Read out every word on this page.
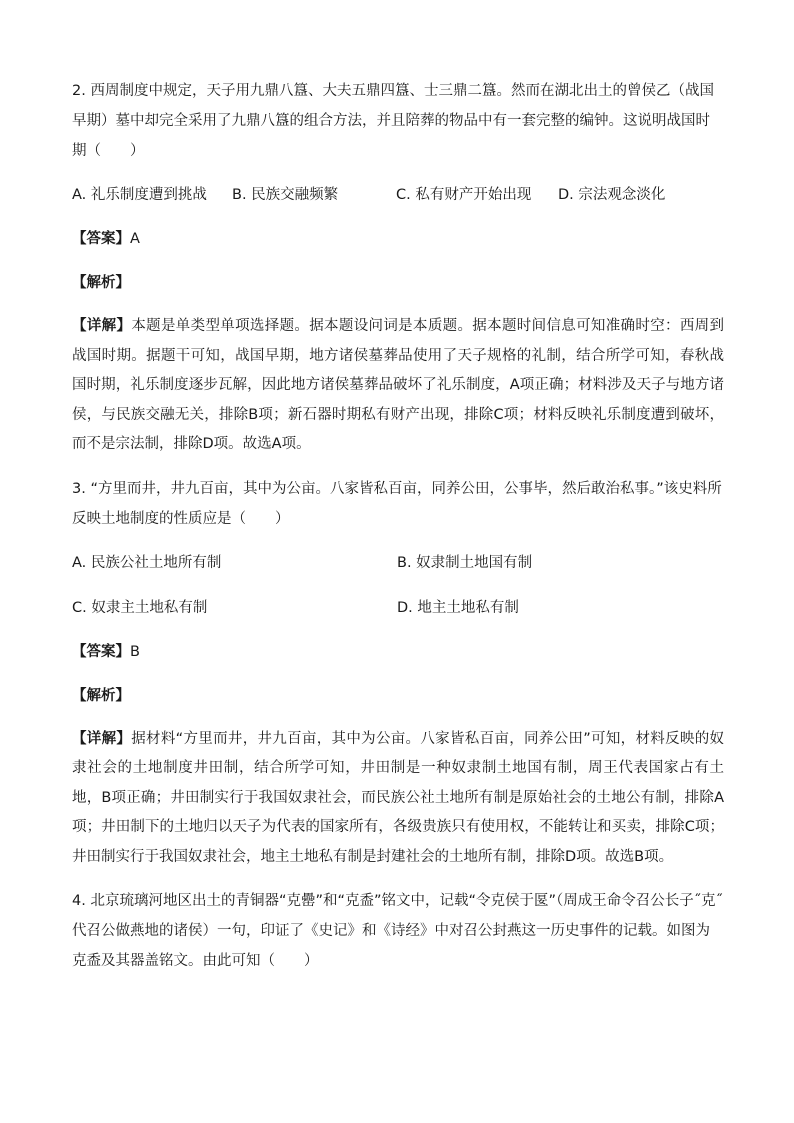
2. 西周制度中规定，天子用九鼎八簋、大夫五鼎四簋、士三鼎二簋。然而在湖北出土的曾侯乙（战国早期）墓中却完全采用了九鼎八簋的组合方法，并且陪葬的物品中有一套完整的编钟。这说明战国时期（　　）

A. 礼乐制度遭到挑战	B. 民族交融频繁	C. 私有财产开始出现	D. 宗法观念淡化
【答案】A
【解析】
【详解】本题是单类型单项选择题。据本题设问词是本质题。据本题时间信息可知准确时空：西周到战国时期。据题干可知，战国早期，地方诸侯墓葬品使用了天子规格的礼制，结合所学可知，春秋战国时期，礼乐制度逐步瓦解，因此地方诸侯墓葬品破坏了礼乐制度，A项正确；材料涉及天子与地方诸侯，与民族交融无关，排除B项；新石器时期私有财产出现，排除C项；材料反映礼乐制度遭到破坏，而不是宗法制，排除D项。故选A项。

3. “方里而井，井九百亩，其中为公亩。八家皆私百亩，同养公田，公事毕，然后敢治私事。”该史料所反映土地制度的性质应是（　　）

A. 民族公社土地所有制	B. 奴隶制土地国有制
C. 奴隶主土地私有制	D. 地主土地私有制
【答案】B
【解析】
【详解】据材料“方里而井，井九百亩，其中为公亩。八家皆私百亩，同养公田”可知，材料反映的奴隶社会的土地制度井田制，结合所学可知，井田制是一种奴隶制土地国有制，周王代表国家占有土地，B项正确；井田制实行于我国奴隶社会，而民族公社土地所有制是原始社会的土地公有制，排除A项；井田制下的土地归以天子为代表的国家所有，各级贵族只有使用权，不能转让和买卖，排除C项；井田制实行于我国奴隶社会，地主土地私有制是封建社会的土地所有制，排除D项。故选B项。

4. 北京琉璃河地区出土的青铜器“克罍”和“克盉”铭文中，记载“令克侯于匽”（周成王命令召公长子˝克˝代召公做燕地的诸侯）一句，印证了《史记》和《诗经》中对召公封燕这一历史事件的记载。如图为克盉及其器盖铭文。由此可知（　　）
